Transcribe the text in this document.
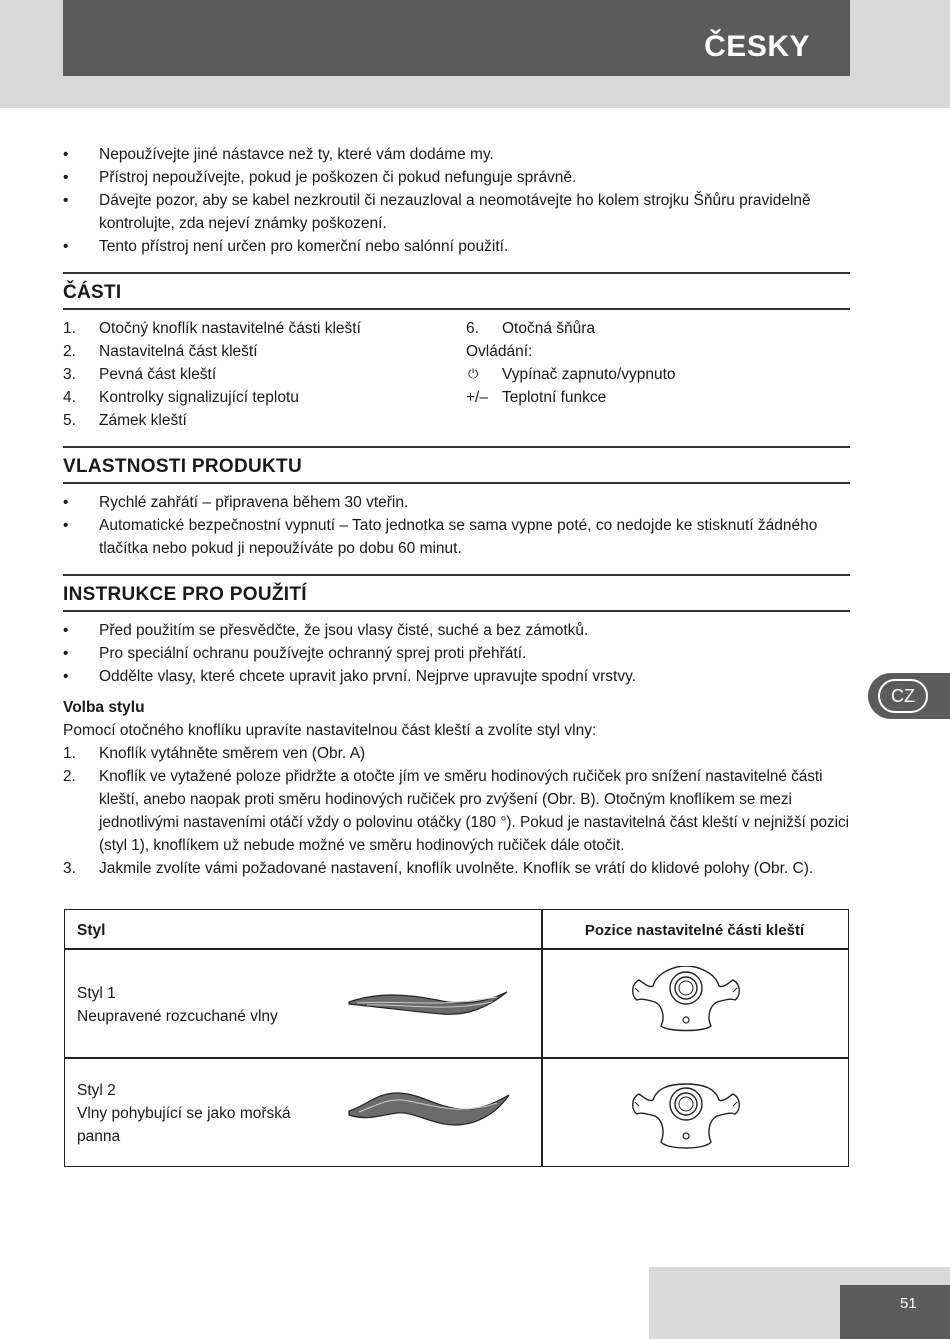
ČESKY
•	Nepoužívejte jiné nástavce než ty, které vám dodáme my.
•	Přístroj nepoužívejte, pokud je poškozen či pokud nefunguje správně.
•	Dávejte pozor, aby se kabel nezkroutil či nezauzloval a neomotávejte ho kolem strojku Šňůru pravidelně kontrolujte, zda nejeví známky poškození.
•	Tento přístroj není určen pro komerční nebo salónní použití.
ČÁSTI
1. Otočný knoflík nastavitelné části kleští
2. Nastavitelná část kleští
3. Pevná část kleští
4. Kontrolky signalizující teplotu
5. Zámek kleští
6. Otočná šňůra
Ovládání:
⏻ Vypínač zapnuto/vypnuto
+/– Teplotní funkce
VLASTNOSTI PRODUKTU
•	Rychlé zahřátí – připravena během 30 vteřin.
•	Automatické bezpečnostní vypnutí – Tato jednotka se sama vypne poté, co nedojde ke stisknutí žádného tlačítka nebo pokud ji nepoužíváte po dobu 60 minut.
INSTRUKCE PRO POUŽITÍ
•	Před použitím se přesvědčte, že jsou vlasy čisté, suché a bez zámotků.
•	Pro speciální ochranu používejte ochranný sprej proti přehřátí.
•	Oddělte vlasy, které chcete upravit jako první. Nejprve upravujte spodní vrstvy.
Volba stylu
Pomocí otočného knoflíku upravíte nastavitelnou část kleští a zvolíte styl vlny:
1. Knoflík vytáhněte směrem ven (Obr. A)
2. Knoflík ve vytažené poloze přidržte a otočte jím ve směru hodinových ručiček pro snížení nastavitelné části kleští, anebo naopak proti směru hodinových ručiček pro zvýšení (Obr. B). Otočným knoflíkem se mezi jednotlivými nastaveními otáčí vždy o polovinu otáčky (180 °). Pokud je nastavitelná část kleští v nejnižší pozici (styl 1), knoflíkem už nebude možné ve směru hodinových ručiček dále otočit.
3. Jakmile zvolíte vámi požadované nastavení, knoflík uvolněte. Knoflík se vrátí do klidové polohy (Obr. C).
Styl	Pozice nastavitelné části kleští
Styl 1
Neupravené rozcuchané vlny
Styl 2
Vlny pohybující se jako mořská panna
CZ
51
